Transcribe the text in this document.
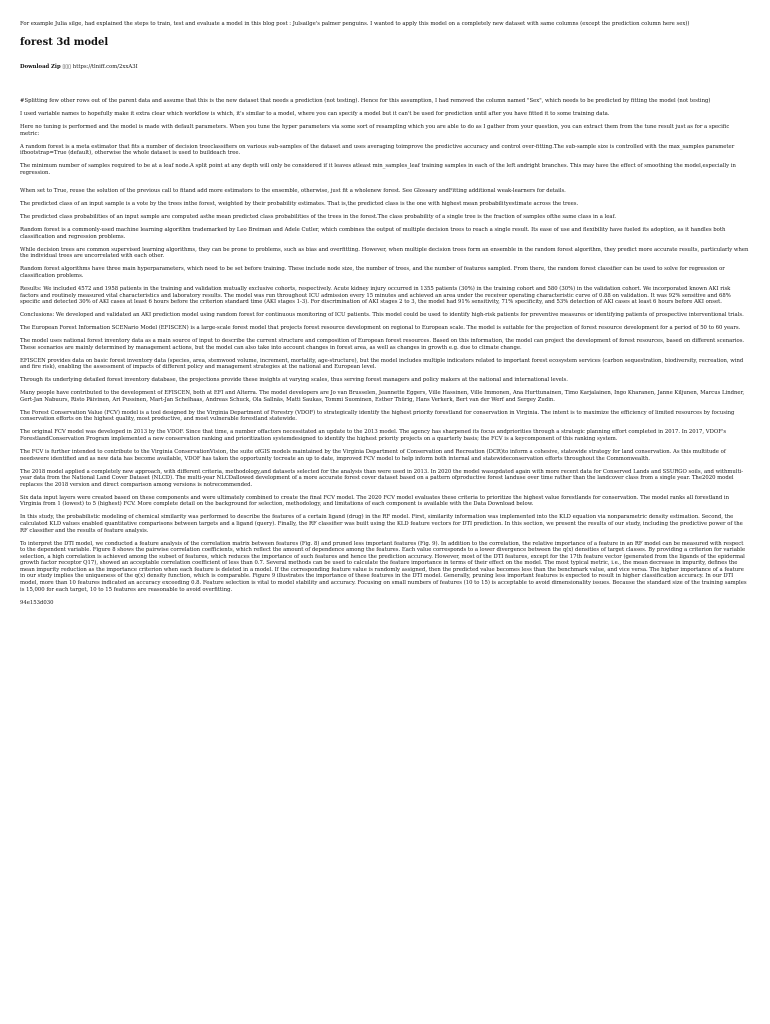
For example Julia silge, had explained the steps to train, test and evaluate a model in this blog post : Julsailge's palmer penguins. I wanted to apply this model on a completely new dataset with same columns (except the prediction column here sex))

forest 3d model

Download Zip ▯▯▯ https://tlniff.com/2xxA3I

#Splitting few other rows out of the parent data and assume that this is the new dataset that needs a prediction (not testing). Hence for this assumption, I had removed the column named "Sex", which needs to be predicted by fitting the model (not testing)

I used variable names to hopefully make it extra clear which workflow is which, it's similar to a model, where you can specify a model but it can't be used for prediction until after you have fitted it to some training data.

Here no tuning is performed and the model is made with default parameters. When you tune the hyper parameters via some sort of resampling which you are able to do as I gather from your question, you can extract them from the tune result just as for a specific metric:

A random forest is a meta estimator that fits a number of decision treeclassifiers on various sub-samples of the dataset and uses averaging toimprove the predictive accuracy and control over-fitting.The sub-sample size is controlled with the max_samples parameter ifbootstrap=True (default), otherwise the whole dataset is used to buildeach tree.

The minimum number of samples required to be at a leaf node.A split point at any depth will only be considered if it leaves atleast min_samples_leaf training samples in each of the left andright branches. This may have the effect of smoothing the model,especially in regression.

When set to True, reuse the solution of the previous call to fitand add more estimators to the ensemble, otherwise, just fit a wholenew forest. See Glossary andFitting additional weak-learners for details.

The predicted class of an input sample is a vote by the trees inthe forest, weighted by their probability estimates. That is,the predicted class is the one with highest mean probabilityestimate across the trees.

The predicted class probabilities of an input sample are computed asthe mean predicted class probabilities of the trees in the forest.The class probability of a single tree is the fraction of samples ofthe same class in a leaf.

Random forest is a commonly-used machine learning algorithm trademarked by Leo Breiman and Adele Cutler, which combines the output of multiple decision trees to reach a single result. Its ease of use and flexibility have fueled its adoption, as it handles both classification and regression problems.

While decision trees are common supervised learning algorithms, they can be prone to problems, such as bias and overfitting. However, when multiple decision trees form an ensemble in the random forest algorithm, they predict more accurate results, particularly when the individual trees are uncorrelated with each other.

Random forest algorithms have three main hyperparameters, which need to be set before training. These include node size, the number of trees, and the number of features sampled. From there, the random forest classifier can be used to solve for regression or classification problems.

Results: We included 4572 and 1958 patients in the training and validation mutually exclusive cohorts, respectively. Acute kidney injury occurred in 1355 patients (30%) in the training cohort and 580 (30%) in the validation cohort. We incorporated known AKI risk factors and routinely measured vital characteristics and laboratory results. The model was run throughout ICU admission every 15 minutes and achieved an area under the receiver operating characteristic curve of 0.88 on validation. It was 92% sensitive and 68% specific and detected 30% of AKI cases at least 6 hours before the criterion standard time (AKI stages 1-3). For discrimination of AKI stages 2 to 3, the model had 91% sensitivity, 71% specificity, and 53% detection of AKI cases at least 6 hours before AKI onset.

Conclusions: We developed and validated an AKI prediction model using random forest for continuous monitoring of ICU patients. This model could be used to identify high-risk patients for preventive measures or identifying patients of prospective interventional trials.

The European Forest Information SCENario Model (EFISCEN) is a large-scale forest model that projects forest resource development on regional to European scale. The model is suitable for the projection of forest resource development for a period of 50 to 60 years.

The model uses national forest inventory data as a main source of input to describe the current structure and composition of European forest resources. Based on this information, the model can project the development of forest resources, based on different scenarios. These scenarios are mainly determined by management actions, but the model can also take into account changes in forest area, as well as changes in growth e.g. due to climate change.

EFISCEN provides data on basic forest inventory data (species, area, stemwood volume, increment, mortality, age-structure), but the model includes multiple indicators related to important forest ecosystem services (carbon sequestration, biodiversity, recreation, wind and fire risk), enabling the assessment of impacts of different policy and management strategies at the national and European level.

Through its underlying detailed forest inventory database, the projections provide these insights at varying scales, thus serving forest managers and policy makers at the national and international levels.

Many people have contributed to the development of EFISCEN, both at EFI and Alterra. The model developers are Jo van Brusselen, Jeannette Eggers, Ville Hassinen, Ville Immonen, Ana Hurttunainen, Timo Karjalainen, Ingo Kharanen, Janne Kiljunen, Marcus Lindner, Gert-Jan Nabuurs, Risto Päivinen, Ari Pussinen, Mart-Jan Schelhaas, Andreas Schuck, Ola Sallnäs, Matti Saukas, Tommi Suominen, Esther Thürig, Hans Verkerk, Bert van der Werf and Sergey Zudin.

The Forest Conservation Value (FCV) model is a tool designed by the Virginia Department of Forestry (VDOF) to strategically identify the highest priority forestland for conservation in Virginia. The intent is to maximize the efficiency of limited resources by focusing conservation efforts on the highest quality, most productive, and most vulnerable forestland statewide.

The original FCV model was developed in 2013 by the VDOF. Since that time, a number offactors necessitated an update to the 2013 model. The agency has sharpened its focus andpriorities through a strategic planning effort completed in 2017. In 2017, VDOF's ForestlandConservation Program implemented a new conservation ranking and prioritization systemdesigned to identify the highest priority projects on a quarterly basis; the FCV is a keycomponent of this ranking system.

The FCV is further intended to contribute to the Virginia ConservationVision, the suite ofGIS models maintained by the Virginia Department of Conservation and Recreation (DCR)to inform a cohesive, statewide strategy for land conservation. As this multitude of needswere identified and as new data has become available, VDOF has taken the opportunity tocreate an up to date, improved FCV model to help inform both internal and statewideconservation efforts throughout the Commonwealth.

The 2018 model applied a completely new approach, with different criteria, methodology,and datasets selected for the analysis than were used in 2013. In 2020 the model wasupdated again with more recent data for Conserved Lands and SSURGO soils, and withmulti-year data from the National Land Cover Dataset (NLCD). The multi-year NLCDallowed development of a more accurate forest cover dataset based on a pattern ofproductive forest landuse over time rather than the landcover class from a single year. The2020 model replaces the 2018 version and direct comparison among versions is notrecommended.

Six data input layers were created based on these components and were ultimately combined to create the final FCV model. The 2020 FCV model evaluates these criteria to prioritize the highest value forestlands for conservation. The model ranks all forestland in Virginia from 1 (lowest) to 5 (highest) FCV. More complete detail on the background for selection, methodology, and limitations of each component is available with the Data Download below.

In this study, the probabilistic modeling of chemical similarity was performed to describe the features of a certain ligand (drug) in the RF model. First, similarity information was implemented into the KLD equation via nonparametric density estimation. Second, the calculated KLD values enabled quantitative comparisons between targets and a ligand (query). Finally, the RF classifier was built using the KLD feature vectors for DTI prediction. In this section, we present the results of our study, including the predictive power of the RF classifier and the results of feature analysis.

To interpret the DTI model, we conducted a feature analysis of the correlation matrix between features (Fig. 8) and pruned less important features (Fig. 9). In addition to the correlation, the relative importance of a feature in an RF model can be measured with respect to the dependent variable. Figure 8 shows the pairwise correlation coefficients, which reflect the amount of dependence among the features. Each value corresponds to a lower divergence between the q(x) densities of target classes. By providing a criterion for variable selection, a high correlation is achieved among the subset of features, which reduces the importance of such features and hence the prediction accuracy. However, most of the DTI features, except for the 17th feature vector (generated from the ligands of the epidermal growth factor receptor Q17), showed an acceptable correlation coefficient of less than 0.7. Several methods can be used to calculate the feature importance in terms of their effect on the model. The most typical metric, i.e., the mean decrease in impurity, defines the mean impurity reduction as the importance criterion when each feature is deleted in a model. If the corresponding feature value is randomly assigned, then the predicted value becomes less than the benchmark value, and vice versa. The higher importance of a feature in our study implies the uniqueness of the q(x) density function, which is comparable. Figure 9 illustrates the importance of these features in the DTI model. Generally, pruning less important features is expected to result in higher classification accuracy. In our DTI model, more than 10 features indicated an accuracy exceeding 0.8. Feature selection is vital to model stability and accuracy. Focusing on small numbers of features (10 to 15) is acceptable to avoid dimensionality issues. Because the standard size of the training samples is 15,000 for each target, 10 to 15 features are reasonable to avoid overfitting.

94e153d030
